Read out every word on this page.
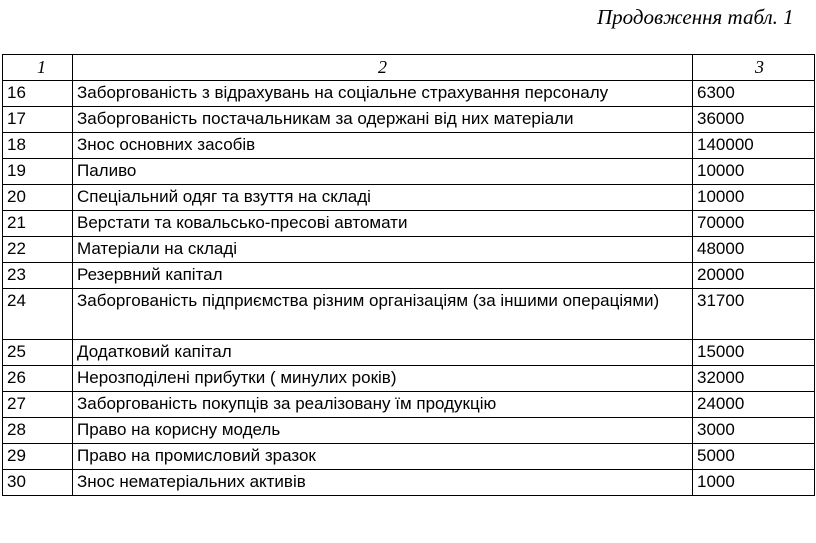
Продовження табл. 1
1	2	3
16	Заборгованість з відрахувань на соціальне страхування персоналу	6300
17	Заборгованість постачальникам за одержані від них матеріали	36000
18	Знос основних засобів	140000
19	Паливо	10000
20	Спеціальний одяг та взуття на складі	10000
21	Верстати та ковальсько-пресові автомати	70000
22	Матеріали на складі	48000
23	Резервний капітал	20000
24	Заборгованість підприємства різним організаціям (за іншими операціями)	31700
25	Додатковий капітал	15000
26	Нерозподілені прибутки ( минулих років)	32000
27	Заборгованість покупців за реалізовану їм продукцію	24000
28	Право на корисну модель	3000
29	Право на промисловий зразок	5000
30	Знос нематеріальних активів	1000
